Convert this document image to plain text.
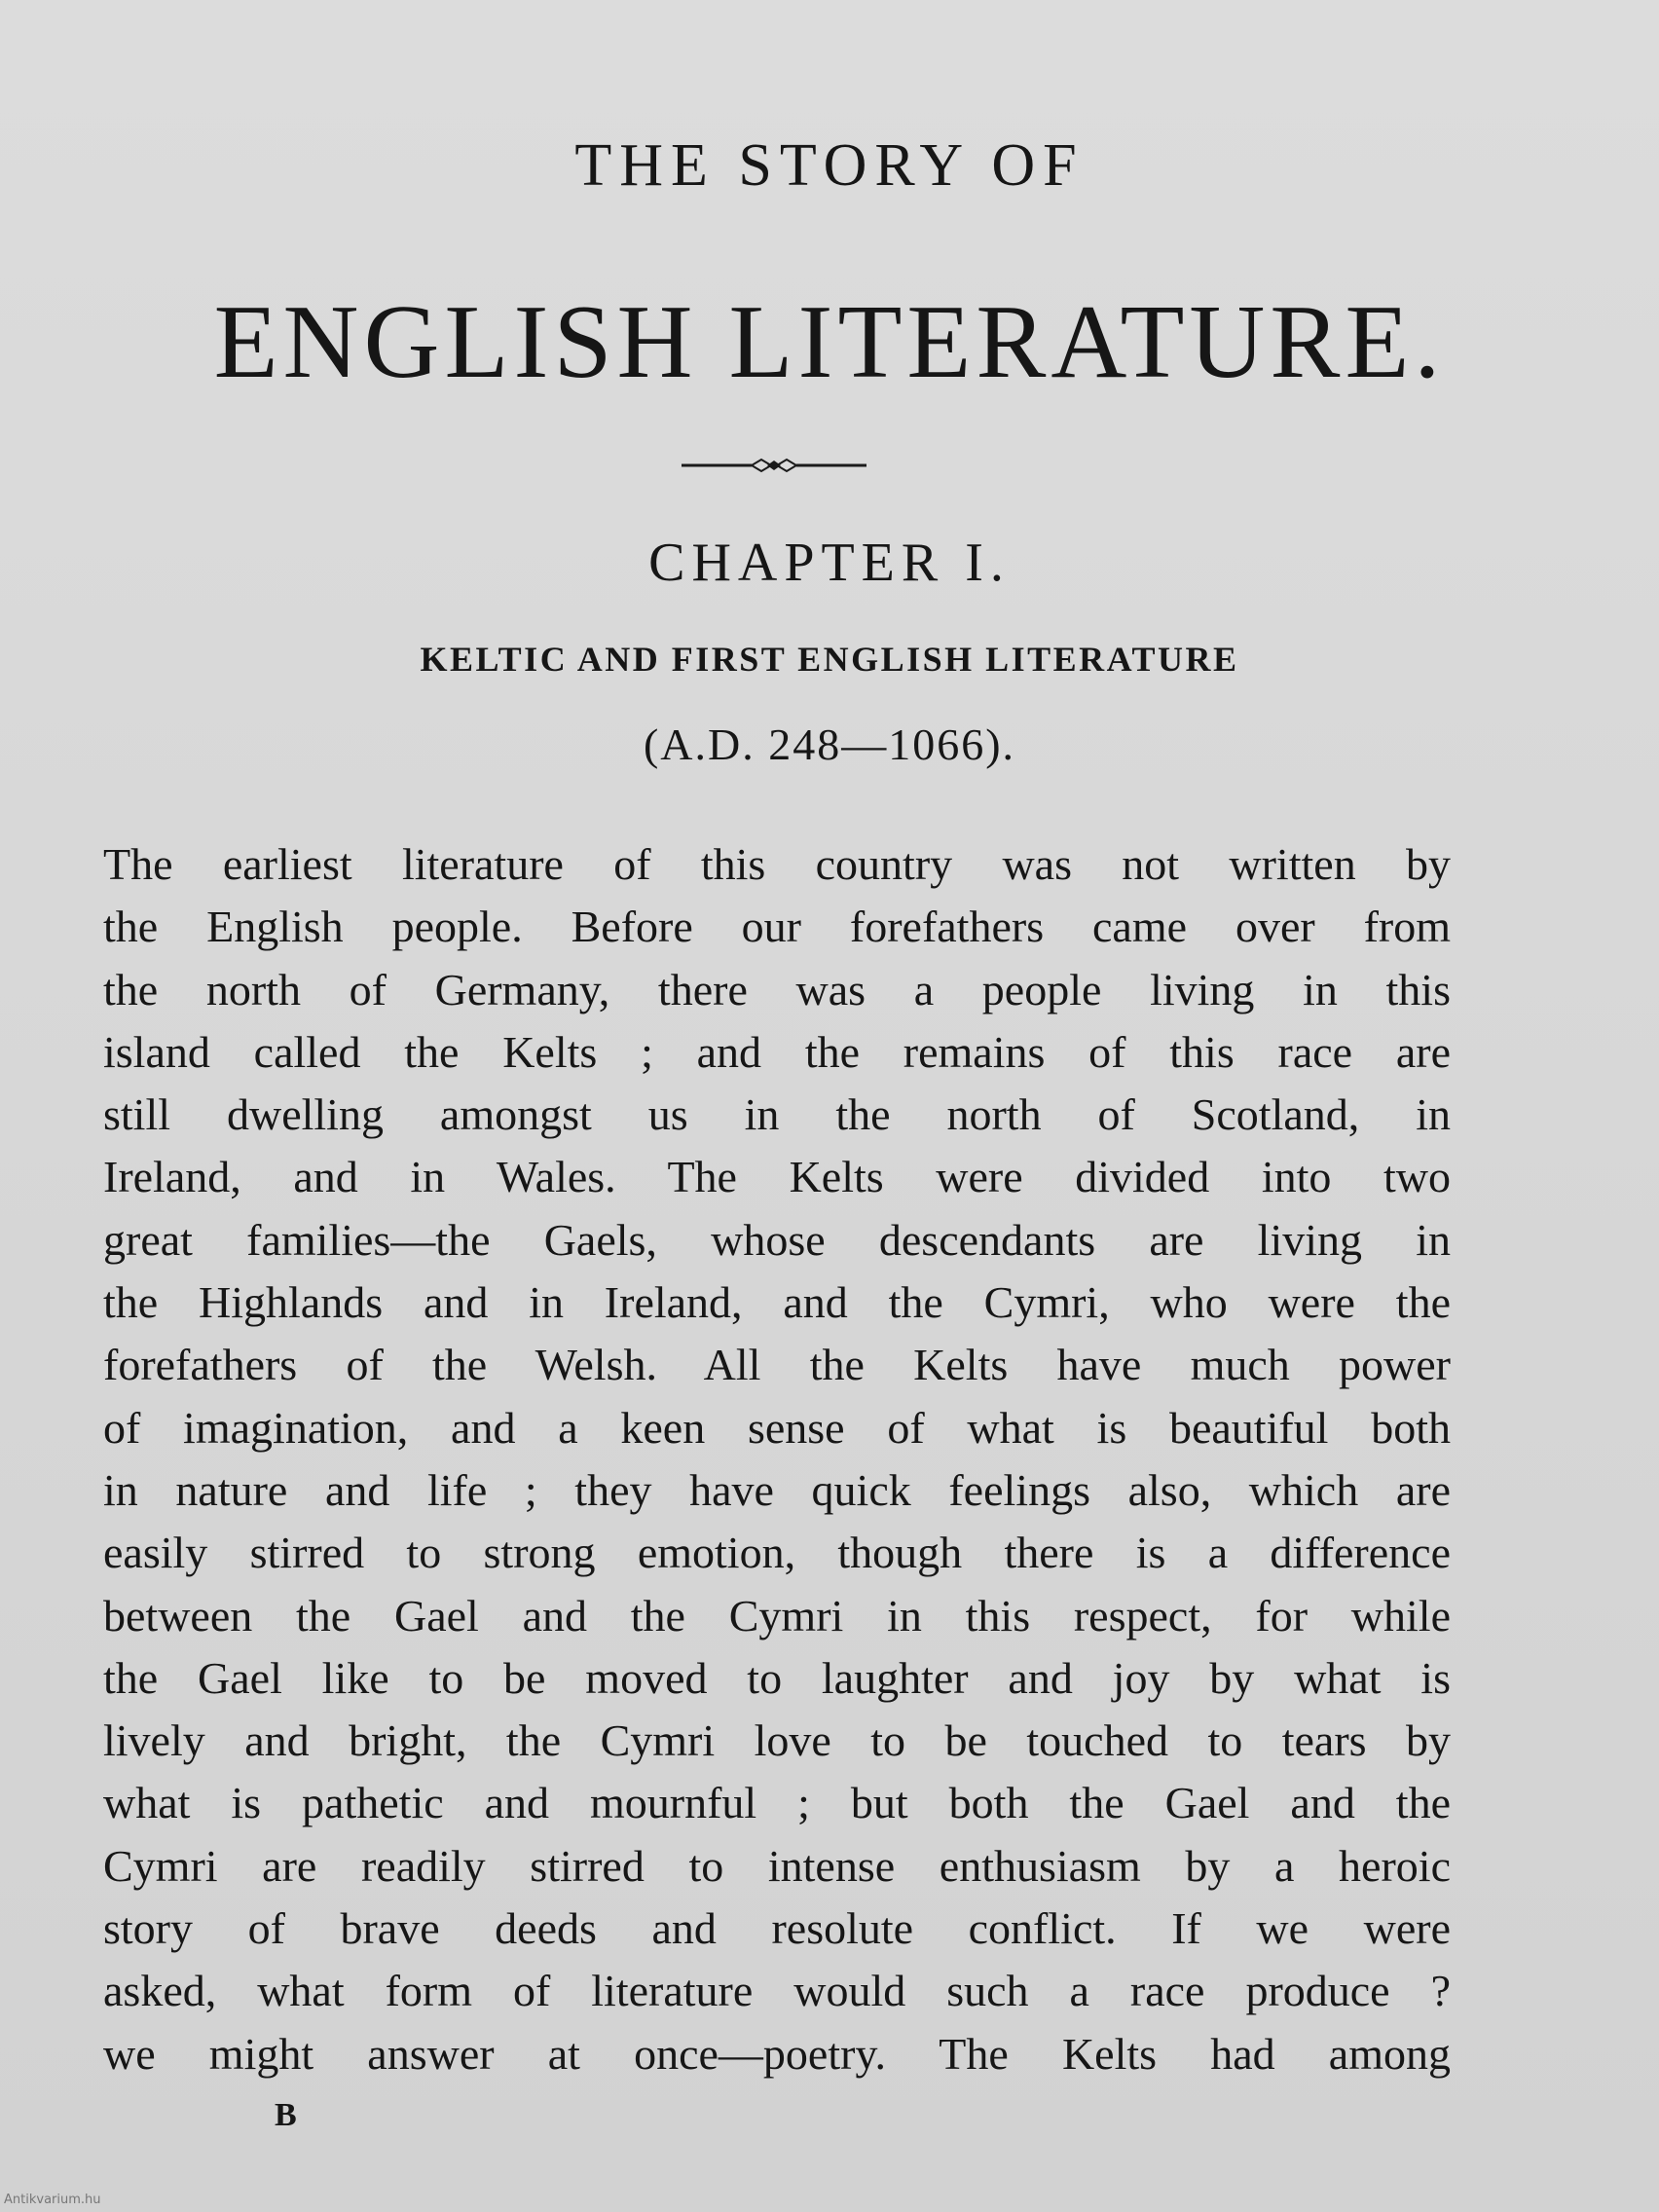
THE STORY OF
ENGLISH LITERATURE.
CHAPTER I.
KELTIC AND FIRST ENGLISH LITERATURE
(A.D. 248—1066).
The earliest literature of this country was not written by
the English people. Before our forefathers came over from
the north of Germany, there was a people living in this
island called the Kelts ; and the remains of this race are
still dwelling amongst us in the north of Scotland, in
Ireland, and in Wales. The Kelts were divided into two
great families—the Gaels, whose descendants are living in
the Highlands and in Ireland, and the Cymri, who were the
forefathers of the Welsh. All the Kelts have much power
of imagination, and a keen sense of what is beautiful both
in nature and life ; they have quick feelings also, which are
easily stirred to strong emotion, though there is a difference
between the Gael and the Cymri in this respect, for while
the Gael like to be moved to laughter and joy by what is
lively and bright, the Cymri love to be touched to tears by
what is pathetic and mournful ; but both the Gael and the
Cymri are readily stirred to intense enthusiasm by a heroic
story of brave deeds and resolute conflict. If we were
asked, what form of literature would such a race produce ?
we might answer at once—poetry. The Kelts had among
B
Antikvarium.hu
